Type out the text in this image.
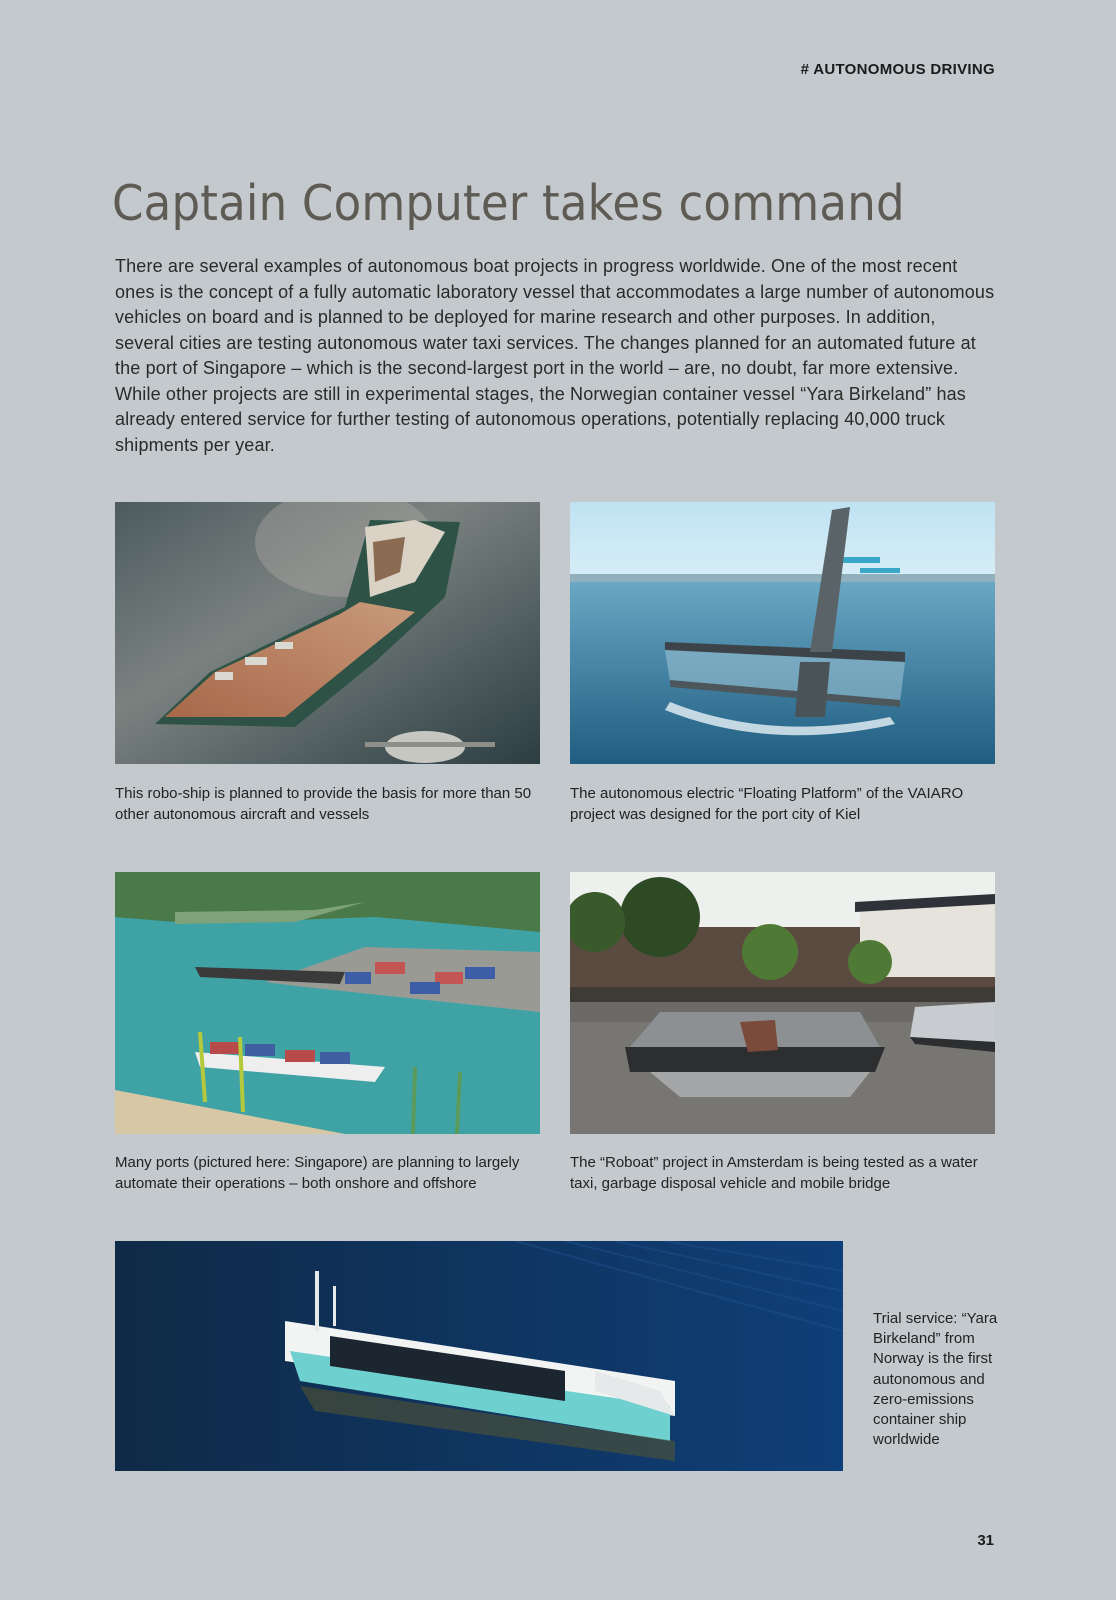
# AUTONOMOUS DRIVING
Captain Computer takes command

There are several examples of autonomous boat projects in progress worldwide. One of the most recent ones is the concept of a fully automatic laboratory vessel that accommodates a large number of autonomous vehicles on board and is planned to be deployed for marine research and other purposes. In addition, several cities are testing autonomous water taxi services. The changes planned for an automated future at the port of Singapore – which is the second-largest port in the world – are, no doubt, far more extensive. While other projects are still in experimental stages, the Norwegian container vessel “Yara Birkeland” has already entered service for further testing of autonomous operations, potentially replacing 40,000 truck shipments per year.

This robo-ship is planned to provide the basis for more than 50 other autonomous aircraft and vessels
The autonomous electric “Floating Platform” of the VAIARO project was designed for the port city of Kiel
Many ports (pictured here: Singapore) are planning to largely automate their operations – both onshore and offshore
The “Roboat” project in Amsterdam is being tested as a water taxi, garbage disposal vehicle and mobile bridge
Trial service: “Yara Birkeland” from Norway is the first autonomous and zero-emissions container ship worldwide
31
